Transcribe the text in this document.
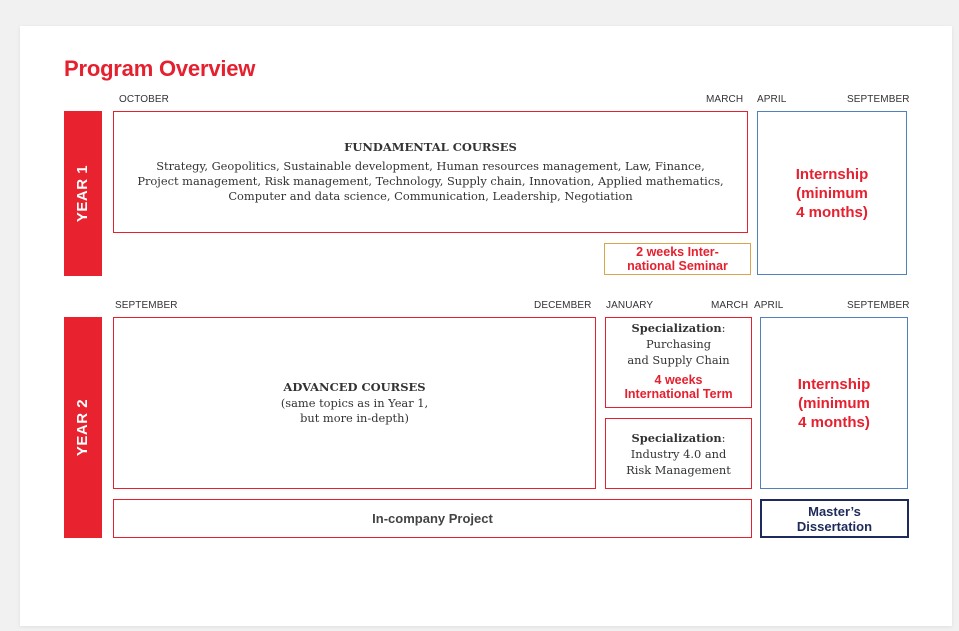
Program Overview
OCTOBER	MARCH APRIL	SEPTEMBER
YEAR 1
FUNDAMENTAL COURSES
Strategy, Geopolitics, Sustainable development, Human resources management, Law, Finance,
Project management, Risk management, Technology, Supply chain, Innovation, Applied mathematics,
Computer and data science, Communication, Leadership, Negotiation
2 weeks Inter-
national Seminar
Internship
(minimum
4 months)
SEPTEMBER	DECEMBER JANUARY	MARCH APRIL	SEPTEMBER
YEAR 2
ADVANCED COURSES
(same topics as in Year 1,
but more in-depth)
Specialization:
Purchasing
and Supply Chain
4 weeks
International Term
Specialization:
Industry 4.0 and
Risk Management
Internship
(minimum
4 months)
In-company Project	Master’s
Dissertation
